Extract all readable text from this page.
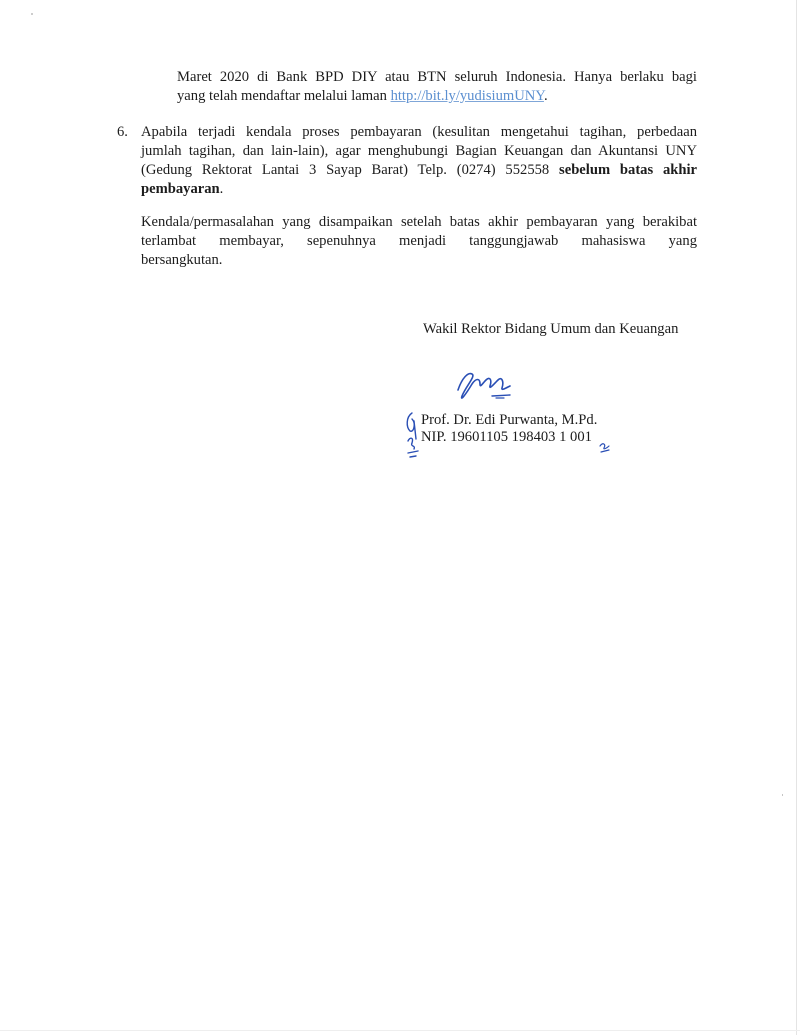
Maret 2020 di Bank BPD DIY atau BTN seluruh Indonesia. Hanya berlaku bagi
yang telah mendaftar melalui laman http://bit.ly/yudisiumUNY.
6. Apabila terjadi kendala proses pembayaran (kesulitan mengetahui tagihan, perbedaan
jumlah tagihan, dan lain-lain), agar menghubungi Bagian Keuangan dan Akuntansi UNY
(Gedung Rektorat Lantai 3 Sayap Barat) Telp. (0274) 552558 sebelum batas akhir
pembayaran.
Kendala/permasalahan yang disampaikan setelah batas akhir pembayaran yang berakibat
terlambat membayar, sepenuhnya menjadi tanggungjawab mahasiswa yang
bersangkutan.
Wakil Rektor Bidang Umum dan Keuangan
Prof. Dr. Edi Purwanta, M.Pd.
NIP. 19601105 198403 1 001
